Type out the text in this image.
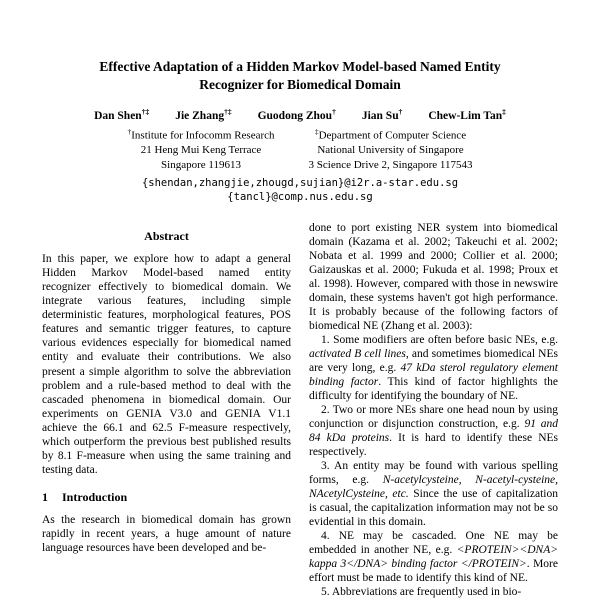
Effective Adaptation of a Hidden Markov Model-based Named Entity Recognizer for Biomedical Domain
Dan Shen†‡ Jie Zhang†‡ Guodong Zhou† Jian Su† Chew-Lim Tan‡
†Institute for Infocomm Research
21 Heng Mui Keng Terrace
Singapore 119613
‡Department of Computer Science
National University of Singapore
3 Science Drive 2, Singapore 117543
{shendan,zhangjie,zhougd,sujian}@i2r.a-star.edu.sg
{tancl}@comp.nus.edu.sg
Abstract

In this paper, we explore how to adapt a general Hidden Markov Model-based named entity recognizer effectively to biomedical domain. We integrate various features, including simple deterministic features, morphological features, POS features and semantic trigger features, to capture various evidences especially for biomedical named entity and evaluate their contributions. We also present a simple algorithm to solve the abbreviation problem and a rule-based method to deal with the cascaded phenomena in biomedical domain. Our experiments on GENIA V3.0 and GENIA V1.1 achieve the 66.1 and 62.5 F-measure respectively, which outperform the previous best published results by 8.1 F-measure when using the same training and testing data.

1 Introduction

As the research in biomedical domain has grown rapidly in recent years, a huge amount of nature language resources have been developed and be-

done to port existing NER system into biomedical domain (Kazama et al. 2002; Takeuchi et al. 2002; Nobata et al. 1999 and 2000; Collier et al. 2000; Gaizauskas et al. 2000; Fukuda et al. 1998; Proux et al. 1998). However, compared with those in newswire domain, these systems haven't got high performance. It is probably because of the following factors of biomedical NE (Zhang et al. 2003):

1. Some modifiers are often before basic NEs, e.g. activated B cell lines, and sometimes biomedical NEs are very long, e.g. 47 kDa sterol regulatory element binding factor. This kind of factor highlights the difficulty for identifying the boundary of NE.

2. Two or more NEs share one head noun by using conjunction or disjunction construction, e.g. 91 and 84 kDa proteins. It is hard to identify these NEs respectively.

3. An entity may be found with various spelling forms, e.g. N-acetylcysteine, N-acetyl-cysteine, NAcetylCysteine, etc. Since the use of capitalization is casual, the capitalization information may not be so evidential in this domain.

4. NE may be cascaded. One NE may be embedded in another NE, e.g. <PROTEIN><DNA> kappa 3</DNA> binding factor </PROTEIN>. More effort must be made to identify this kind of NE.

5. Abbreviations are frequently used in bio-
